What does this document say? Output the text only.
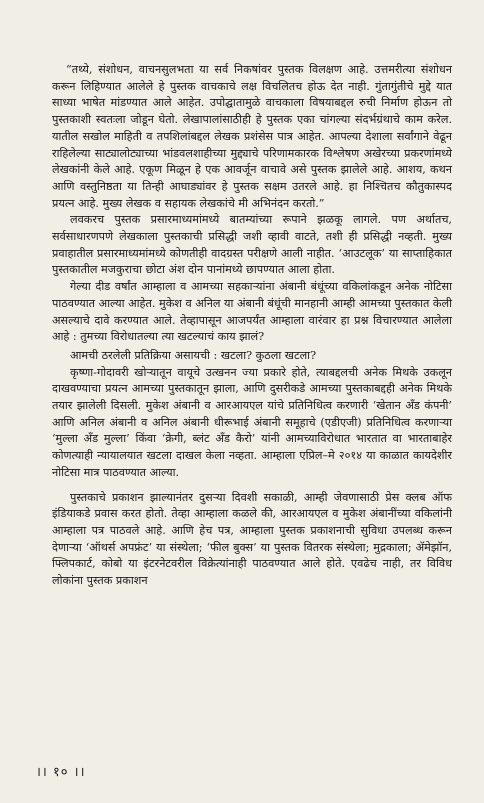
“तथ्ये, संशोधन, वाचनसुलभता या सर्व निकषांवर पुस्तक विलक्षण आहे. उत्तमरीत्या संशोधन करून लिहिण्यात आलेले हे पुस्तक वाचकाचे लक्ष विचलितच होऊ देत नाही. गुंतागुंतीचे मुद्दे यात साध्या भाषेत मांडण्यात आले आहेत. उपोद्घातामुळे वाचकाला विषयाबद्दल रुची निर्माण होऊन तो पुस्तकाशी स्वतःला जोडून घेतो. लेखापालांसाठीही हे पुस्तक एका चांगल्या संदर्भग्रंथाचे काम करेल. यातील सखोल माहिती व तपशिलांबद्दल लेखक प्रशंसेस पात्र आहेत. आपल्या देशाला सर्वांगाने वेढून राहिलेल्या साट्यालोट्याच्या भांडवलशाहीच्या मुद्द्याचे परिणामकारक विश्लेषण अखेरच्या प्रकरणांमध्ये लेखकांनी केले आहे. एकूण मिळून हे एक आवर्जून वाचावे असे पुस्तक झालेले आहे. आशय, कथन आणि वस्तुनिष्ठता या तिन्ही आघाड्यांवर हे पुस्तक सक्षम उतरले आहे. हा निश्चितच कौतुकास्पद प्रयत्न आहे. मुख्य लेखक व सहायक लेखकांचे मी अभिनंदन करतो.”

लवकरच पुस्तक प्रसारमाध्यमांमध्ये बातम्यांच्या रूपाने झळकू लागले. पण अर्थातच, सर्वसाधारणपणे लेखकाला पुस्तकाची प्रसिद्धी जशी व्हावी वाटते, तशी ही प्रसिद्धी नव्हती. मुख्य प्रवाहातील प्रसारमाध्यमांमध्ये कोणतीही वादग्रस्त परीक्षणे आली नाहीत. ‘आउटलूक’ या साप्ताहिकात पुस्तकातील मजकुराचा छोटा अंश दोन पानांमध्ये छापण्यात आला होता.

गेल्या दीड वर्षांत आम्हाला व आमच्या सहकाऱ्यांना अंबानी बंधूंच्या वकिलांकडून अनेक नोटिसा पाठवण्यात आल्या आहेत. मुकेश व अनिल या अंबानी बंधूंची मानहानी आम्ही आमच्या पुस्तकात केली असल्याचे दावे करण्यात आले. तेव्हापासून आजपर्यंत आम्हाला वारंवार हा प्रश्न विचारण्यात आलेला आहे : तुमच्या विरोधातल्या त्या खटल्याचं काय झालं?

आमची ठरलेली प्रतिक्रिया असायची : खटला? कुठला खटला?

कृष्णा-गोदावरी खोऱ्यातून वायूचे उत्खनन ज्या प्रकारे होते, त्याबद्दलची अनेक मिथके उकलून दाखवण्याचा प्रयत्न आमच्या पुस्तकातून झाला, आणि दुसरीकडे आमच्या पुस्तकाबद्दही अनेक मिथके तयार झालेली दिसली. मुकेश अंबानी व आरआयएल यांचे प्रतिनिधित्व करणारी ‘खेतान अँड कंपनी’ आणि अनिल अंबानी व अनिल अंबानी धीरूभाई अंबानी समूहाचे (एडीएजी) प्रतिनिधित्व करणाऱ्या ‘मुल्ला अँड मुल्ला’ किंवा ‘क्रेगी, ब्लंट अँड कैरो’ यांनी आमच्याविरोधात भारतात वा भारताबाहेर कोणत्याही न्यायालयात खटला दाखल केला नव्हता. आम्हाला एप्रिल–मे २०१४ या काळात कायदेशीर नोटिसा मात्र पाठवण्यात आल्या.

पुस्तकाचे प्रकाशन झाल्यानंतर दुसऱ्या दिवशी सकाळी, आम्ही जेवणासाठी प्रेस क्लब ऑफ इंडियाकडे प्रवास करत होतो. तेव्हा आम्हाला कळले की, आरआयएल व मुकेश अंबानींच्या वकिलांनी आम्हाला पत्र पाठवले आहे. आणि हेच पत्र, आम्हाला पुस्तक प्रकाशनाची सुविधा उपलब्ध करून देणाऱ्या ‘ऑथर्स अपफ्रंट’ या संस्थेला; ‘फील बुक्स’ या पुस्तक वितरक संस्थेला; मुद्रकाला; ॲमेझॉन, फ्लिपकार्ट, कोबो या इंटरनेटवरील विक्रेत्यांनाही पाठवण्यात आले होते. एवढेच नाही, तर विविध लोकांना पुस्तक प्रकाशन

।। १० ।।
